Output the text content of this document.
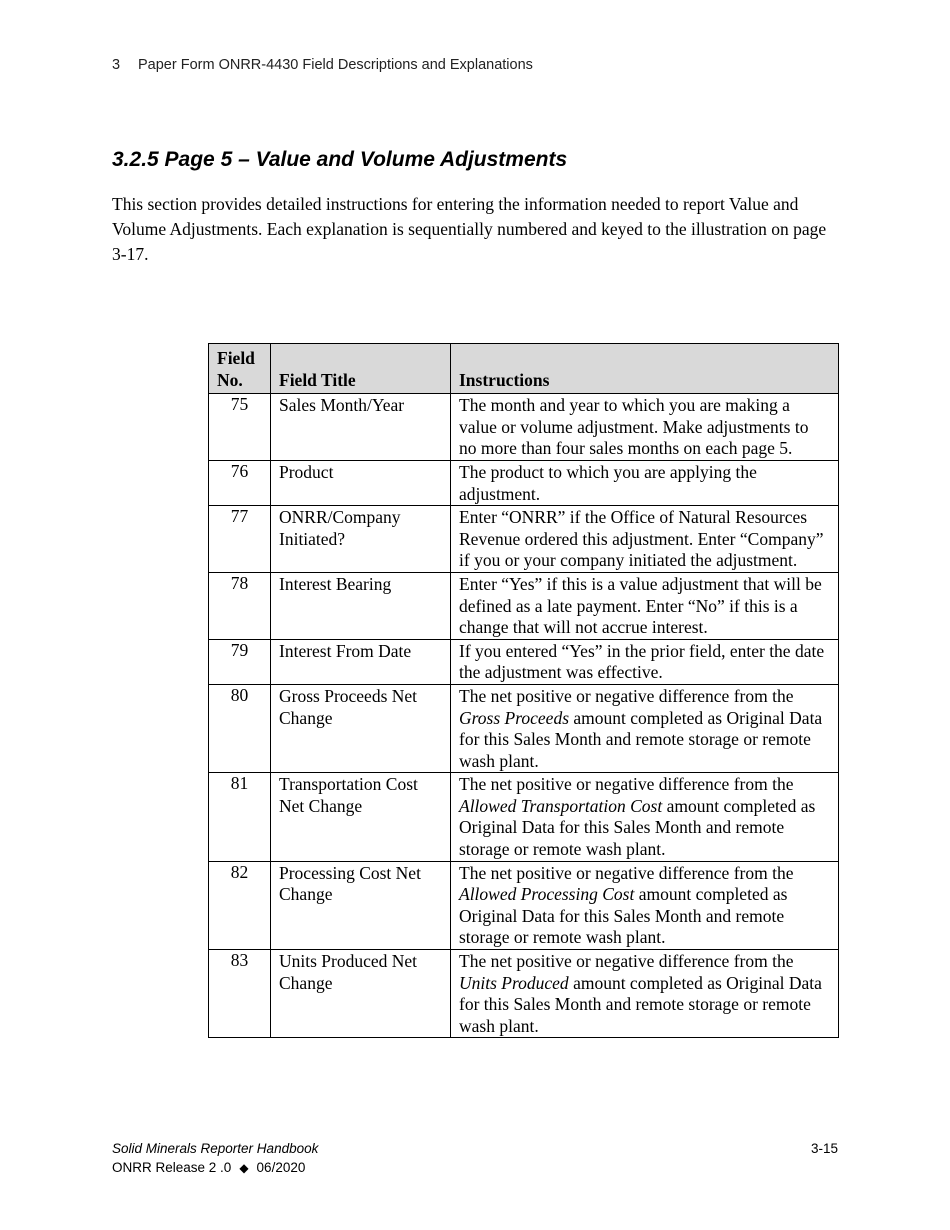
3 Paper Form ONRR-4430 Field Descriptions and Explanations
3.2.5 Page 5 – Value and Volume Adjustments

This section provides detailed instructions for entering the information needed to report Value and Volume Adjustments. Each explanation is sequentially numbered and keyed to the illustration on page 3-17.

Field
No.	Field Title	Instructions
75	Sales Month/Year	The month and year to which you are making a value or volume adjustment. Make adjustments to no more than four sales months on each page 5.
76	Product	The product to which you are applying the adjustment.
77	ONRR/Company Initiated?	Enter “ONRR” if the Office of Natural Resources Revenue ordered this adjustment. Enter “Company” if you or your company initiated the adjustment.
78	Interest Bearing	Enter “Yes” if this is a value adjustment that will be defined as a late payment. Enter “No” if this is a change that will not accrue interest.
79	Interest From Date	If you entered “Yes” in the prior field, enter the date the adjustment was effective.
80	Gross Proceeds Net Change	The net positive or negative difference from the Gross Proceeds amount completed as Original Data for this Sales Month and remote storage or remote wash plant.
81	Transportation Cost Net Change	The net positive or negative difference from the Allowed Transportation Cost amount completed as Original Data for this Sales Month and remote storage or remote wash plant.
82	Processing Cost Net Change	The net positive or negative difference from the Allowed Processing Cost amount completed as Original Data for this Sales Month and remote storage or remote wash plant.
83	Units Produced Net Change	The net positive or negative difference from the Units Produced amount completed as Original Data for this Sales Month and remote storage or remote wash plant.
Solid Minerals Reporter Handbook
ONRR Release 2 .0 ◆ 06/2020
3-15
